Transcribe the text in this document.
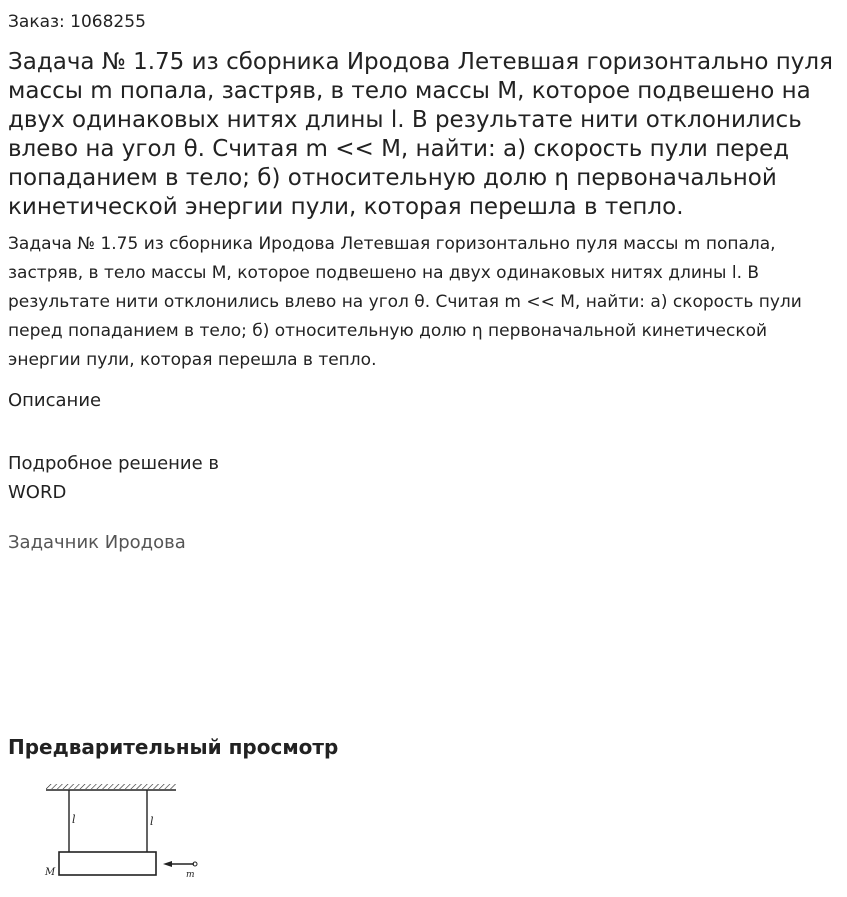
Заказ: 1068255
Задача № 1.75 из сборника Иродова Летевшая горизонтально пуля массы m попала, застряв, в тело массы М, которое подвешено на двух одинаковых нитях длины l. В результате нити отклонились влево на угол θ. Считая m << М, найти: а) скорость пули перед попаданием в тело; б) относительную долю η первоначальной кинетической энергии пули, которая перешла в тепло.

Задача № 1.75 из сборника Иродова Летевшая горизонтально пуля массы m попала, застряв, в тело массы М, которое подвешено на двух одинаковых нитях длины l. В результате нити отклонились влево на угол θ. Считая m << М, найти: а) скорость пули перед попаданием в тело; б) относительную долю η первоначальной кинетической энергии пули, которая перешла в тепло.

Описание
Подробное решение в WORD
Задачник Иродова
Предварительный просмотр
l	l
M	m
